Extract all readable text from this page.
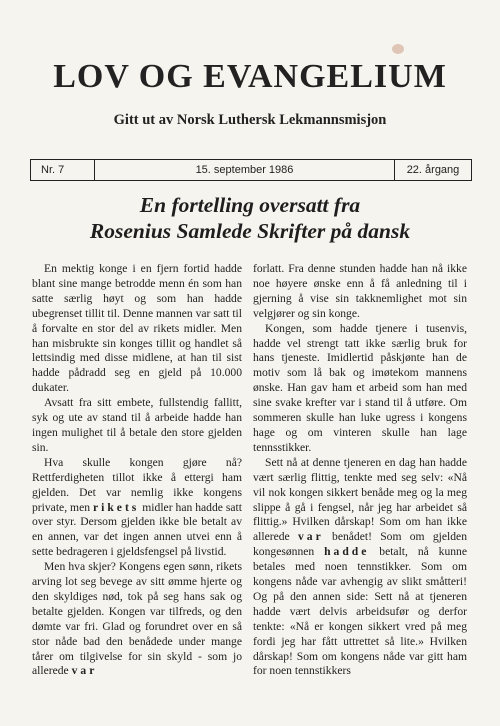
LOV OG EVANGELIUM
Gitt ut av Norsk Luthersk Lekmannsmisjon
Nr. 7	15. september 1986	22. årgang
En fortelling oversatt fra
Rosenius Samlede Skrifter på dansk

En mektig konge i en fjern fortid hadde blant sine mange betrodde menn én som han satte særlig høyt og som han hadde ubegrenset tillit til. Denne mannen var satt til å forvalte en stor del av rikets midler. Men han misbrukte sin konges tillit og handlet så lettsindig med disse midlene, at han til sist hadde pådradd seg en gjeld på 10.000 dukater.

Avsatt fra sitt embete, fullstendig fallitt, syk og ute av stand til å arbeide hadde han ingen mulighet til å betale den store gjelden sin.

Hva skulle kongen gjøre nå? Rettferdigheten tillot ikke å ettergi ham gjelden. Det var nemlig ikke kongens private, men rikets midler han hadde satt over styr. Dersom gjelden ikke ble betalt av en annen, var det ingen annen utvei enn å sette bedrageren i gjeldsfengsel på livstid.

Men hva skjer? Kongens egen sønn, rikets arving lot seg bevege av sitt ømme hjerte og den skyldiges nød, tok på seg hans sak og betalte gjelden. Kongen var tilfreds, og den dømte var fri. Glad og forundret over en så stor nåde bad den benådede under mange tårer om tilgivelse for sin skyld - som jo allerede var

forlatt. Fra denne stunden hadde han nå ikke noe høyere ønske enn å få anledning til i gjerning å vise sin takknemlighet mot sin velgjører og sin konge.

Kongen, som hadde tjenere i tusenvis, hadde vel strengt tatt ikke særlig bruk for hans tjeneste. Imidlertid påskjønte han de motiv som lå bak og imøtekom mannens ønske. Han gav ham et arbeid som han med sine svake krefter var i stand til å utføre. Om sommeren skulle han luke ugress i kongens hage og om vinteren skulle han lage tennsstikker.

Sett nå at denne tjeneren en dag han hadde vært særlig flittig, tenkte med seg selv: «Nå vil nok kongen sikkert benåde meg og la meg slippe å gå i fengsel, når jeg har arbeidet så flittig.» Hvilken dårskap! Som om han ikke allerede var benådet! Som om gjelden kongesønnen hadde betalt, nå kunne betales med noen tennstikker. Som om kongens nåde var avhengig av slikt småtteri! Og på den annen side: Sett nå at tjeneren hadde vært delvis arbeidsufør og derfor tenkte: «Nå er kongen sikkert vred på meg fordi jeg har fått uttrettet så lite.» Hvilken dårskap! Som om kongens nåde var gitt ham for noen tennstikkers
